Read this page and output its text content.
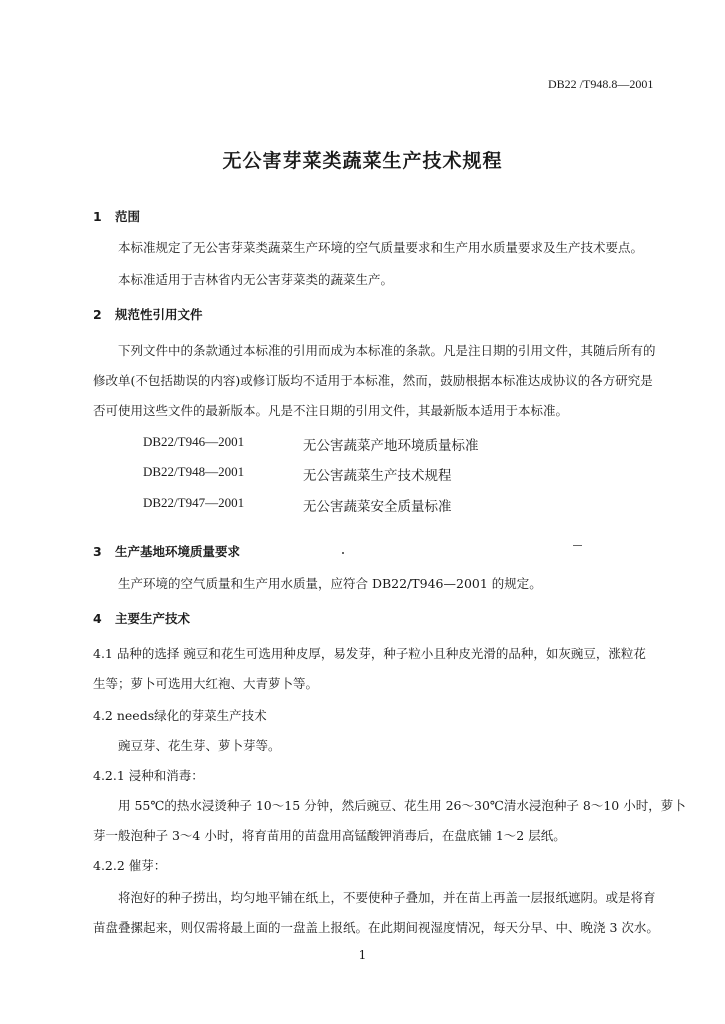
DB22 /T948.8—2001
无公害芽菜类蔬菜生产技术规程
1 范围
本标准规定了无公害芽菜类蔬菜生产环境的空气质量要求和生产用水质量要求及生产技术要点。
本标准适用于吉林省内无公害芽菜类的蔬菜生产。
2 规范性引用文件
下列文件中的条款通过本标准的引用而成为本标准的条款。凡是注日期的引用文件，其随后所有的
修改单(不包括勘误的内容)或修订版均不适用于本标准，然而，鼓励根据本标准达成协议的各方研究是
否可使用这些文件的最新版本。凡是不注日期的引用文件，其最新版本适用于本标准。
DB22/T946—2001	无公害蔬菜产地环境质量标准
DB22/T948—2001	无公害蔬菜生产技术规程
DB22/T947—2001	无公害蔬菜安全质量标准
3 生产基地环境质量要求
生产环境的空气质量和生产用水质量，应符合 DB22/T946—2001 的规定。
4 主要生产技术
4.1 品种的选择 豌豆和花生可选用种皮厚，易发芽，种子粒小且种皮光滑的品种，如灰豌豆，涨粒花
生等；萝卜可选用大红袍、大青萝卜等。
4.2 needs绿化的芽菜生产技术
豌豆芽、花生芽、萝卜芽等。
4.2.1 浸种和消毒：
用 55℃的热水浸烫种子 10～15 分钟，然后豌豆、花生用 26～30℃清水浸泡种子 8～10 小时，萝卜
芽一般泡种子 3～4 小时，将育苗用的苗盘用高锰酸钾消毒后，在盘底铺 1～2 层纸。
4.2.2 催芽：
将泡好的种子捞出，均匀地平铺在纸上，不要使种子叠加，并在苗上再盖一层报纸遮阴。或是将育
苗盘叠摞起来，则仅需将最上面的一盘盖上报纸。在此期间视湿度情况，每天分早、中、晚浇 3 次水。
1
